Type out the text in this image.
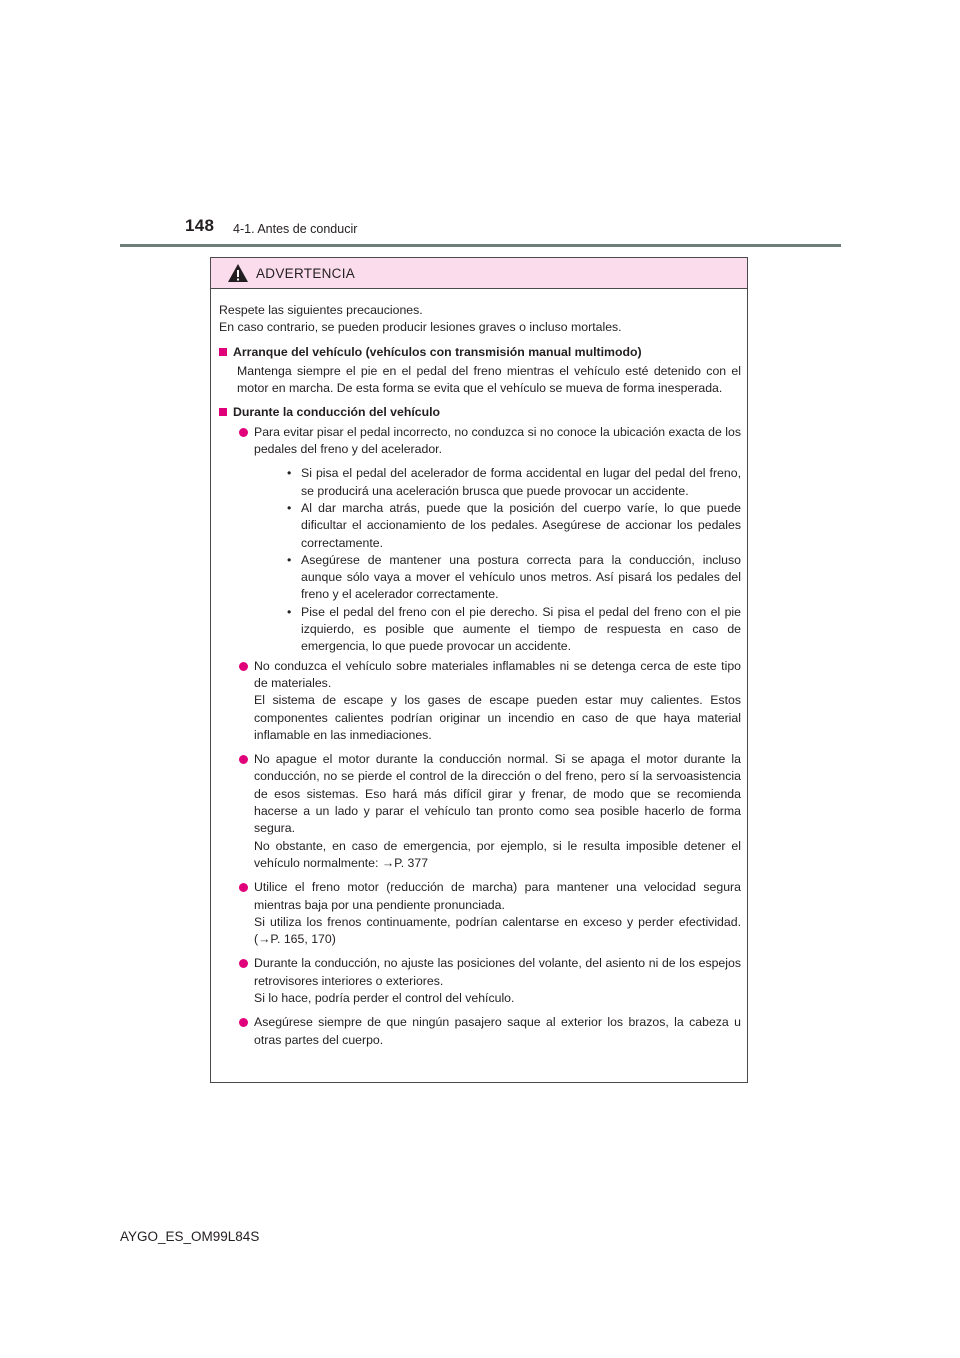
148 4-1. Antes de conducir
ADVERTENCIA

Respete las siguientes precauciones.

En caso contrario, se pueden producir lesiones graves o incluso mortales.

Arranque del vehículo (vehículos con transmisión manual multimodo)

Mantenga siempre el pie en el pedal del freno mientras el vehículo esté detenido con el motor en marcha. De esta forma se evita que el vehículo se mueva de forma inesperada.

Durante la conducción del vehículo

Para evitar pisar el pedal incorrecto, no conduzca si no conoce la ubicación exacta de los pedales del freno y del acelerador.

• Si pisa el pedal del acelerador de forma accidental en lugar del pedal del freno, se producirá una aceleración brusca que puede provocar un accidente.
• Al dar marcha atrás, puede que la posición del cuerpo varíe, lo que puede dificultar el accionamiento de los pedales. Asegúrese de accionar los pedales correctamente.
• Asegúrese de mantener una postura correcta para la conducción, incluso aunque sólo vaya a mover el vehículo unos metros. Así pisará los pedales del freno y el acelerador correctamente.
• Pise el pedal del freno con el pie derecho. Si pisa el pedal del freno con el pie izquierdo, es posible que aumente el tiempo de respuesta en caso de emergencia, lo que puede provocar un accidente.

No conduzca el vehículo sobre materiales inflamables ni se detenga cerca de este tipo de materiales.

El sistema de escape y los gases de escape pueden estar muy calientes. Estos componentes calientes podrían originar un incendio en caso de que haya material inflamable en las inmediaciones.

No apague el motor durante la conducción normal. Si se apaga el motor durante la conducción, no se pierde el control de la dirección o del freno, pero sí la servoasistencia de esos sistemas. Eso hará más difícil girar y frenar, de modo que se recomienda hacerse a un lado y parar el vehículo tan pronto como sea posible hacerlo de forma segura.

No obstante, en caso de emergencia, por ejemplo, si le resulta imposible detener el vehículo normalmente: →P. 377

Utilice el freno motor (reducción de marcha) para mantener una velocidad segura mientras baja por una pendiente pronunciada.

Si utiliza los frenos continuamente, podrían calentarse en exceso y perder efectividad. (→P. 165, 170)

Durante la conducción, no ajuste las posiciones del volante, del asiento ni de los espejos retrovisores interiores o exteriores.

Si lo hace, podría perder el control del vehículo.

Asegúrese siempre de que ningún pasajero saque al exterior los brazos, la cabeza u otras partes del cuerpo.

AYGO_ES_OM99L84S
